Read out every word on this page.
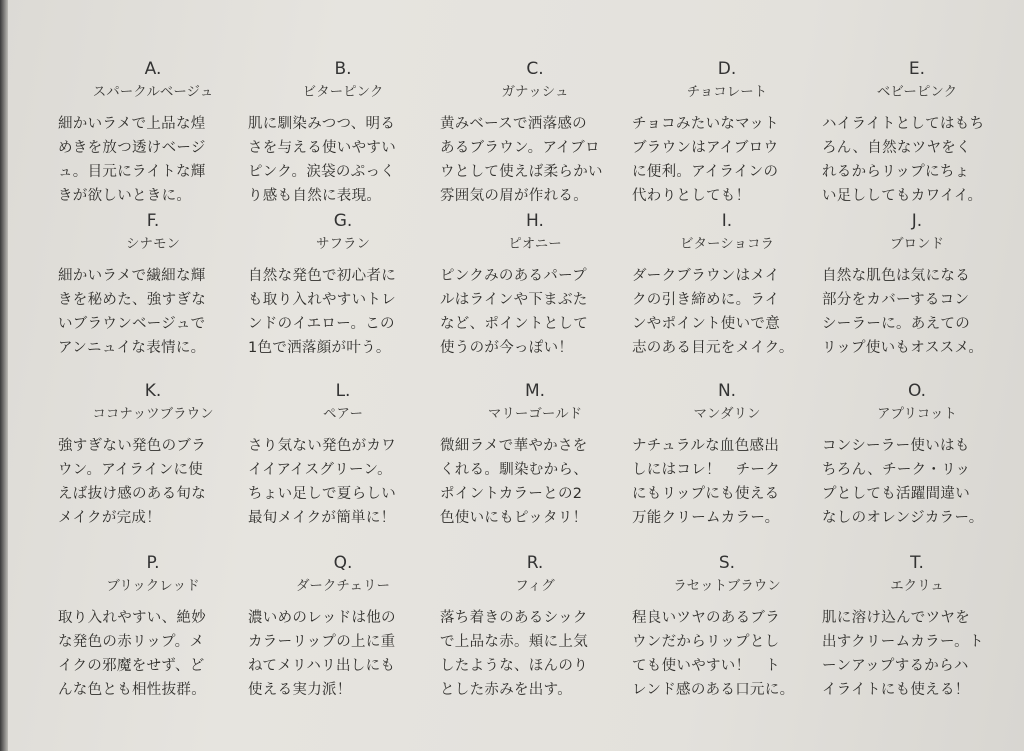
A.
スパークルベージュ
細かいラメで上品な煌
めきを放つ透けベージ
ュ。目元にライトな輝
きが欲しいときに。
B.
ビターピンク
肌に馴染みつつ、明る
さを与える使いやすい
ピンク。涙袋のぷっく
り感も自然に表現。
C.
ガナッシュ
黄みベースで洒落感の
あるブラウン。アイブロ
ウとして使えば柔らかい
雰囲気の眉が作れる。
D.
チョコレート
チョコみたいなマット
ブラウンはアイブロウ
に便利。アイラインの
代わりとしても！
E.
ベビーピンク
ハイライトとしてはもち
ろん、自然なツヤをく
れるからリップにちょ
い足ししてもカワイイ。
F.
シナモン
細かいラメで繊細な輝
きを秘めた、強すぎな
いブラウンベージュで
アンニュイな表情に。
G.
サフラン
自然な発色で初心者に
も取り入れやすいトレ
ンドのイエロー。この
1色で洒落顔が叶う。
H.
ピオニー
ピンクみのあるパープ
ルはラインや下まぶた
など、ポイントとして
使うのが今っぽい！
I.
ビターショコラ
ダークブラウンはメイ
クの引き締めに。ライ
ンやポイント使いで意
志のある目元をメイク。
J.
ブロンド
自然な肌色は気になる
部分をカバーするコン
シーラーに。あえての
リップ使いもオススメ。
K.
ココナッツブラウン
強すぎない発色のブラ
ウン。アイラインに使
えば抜け感のある旬な
メイクが完成！
L.
ペアー
さり気ない発色がカワ
イイアイスグリーン。
ちょい足しで夏らしい
最旬メイクが簡単に！
M.
マリーゴールド
微細ラメで華やかさを
くれる。馴染むから、
ポイントカラーとの2
色使いにもピッタリ！
N.
マンダリン
ナチュラルな血色感出
しにはコレ！　チーク
にもリップにも使える
万能クリームカラー。
O.
アプリコット
コンシーラー使いはも
ちろん、チーク・リッ
プとしても活躍間違い
なしのオレンジカラー。
P.
ブリックレッド
取り入れやすい、絶妙
な発色の赤リップ。メ
イクの邪魔をせず、ど
んな色とも相性抜群。
Q.
ダークチェリー
濃いめのレッドは他の
カラーリップの上に重
ねてメリハリ出しにも
使える実力派！
R.
フィグ
落ち着きのあるシック
で上品な赤。頬に上気
したような、ほんのり
とした赤みを出す。
S.
ラセットブラウン
程良いツヤのあるブラ
ウンだからリップとし
ても使いやすい！　ト
レンド感のある口元に。
T.
エクリュ
肌に溶け込んでツヤを
出すクリームカラー。ト
ーンアップするからハ
イライトにも使える！
